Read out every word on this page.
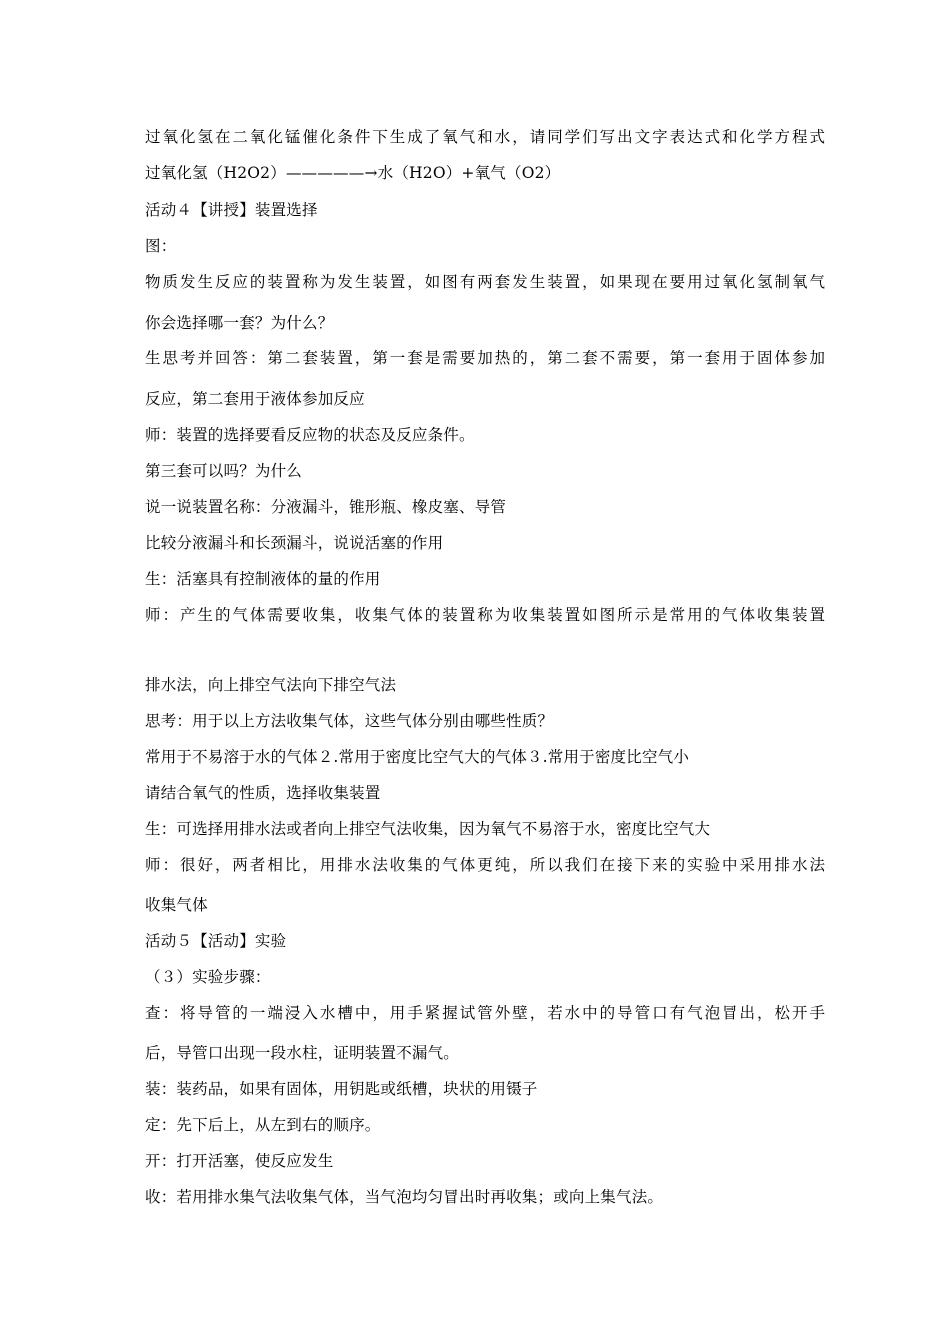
过氧化氢在二氧化锰催化条件下生成了氧气和水，请同学们写出文字表达式和化学方程式
过氧化氢（H2O2）—————→水（H2O）+氧气（O2）
活动４【讲授】装置选择
图：
物质发生反应的装置称为发生装置，如图有两套发生装置，如果现在要用过氧化氢制氧气
你会选择哪一套？为什么？
生思考并回答：第二套装置，第一套是需要加热的，第二套不需要，第一套用于固体参加
反应，第二套用于液体参加反应
师：装置的选择要看反应物的状态及反应条件。
第三套可以吗？为什么
说一说装置名称：分液漏斗，锥形瓶、橡皮塞、导管
比较分液漏斗和长颈漏斗，说说活塞的作用
生：活塞具有控制液体的量的作用
师：产生的气体需要收集，收集气体的装置称为收集装置如图所示是常用的气体收集装置
排水法，向上排空气法向下排空气法
思考：用于以上方法收集气体，这些气体分别由哪些性质？
常用于不易溶于水的气体２.常用于密度比空气大的气体３.常用于密度比空气小
请结合氧气的性质，选择收集装置
生：可选择用排水法或者向上排空气法收集，因为氧气不易溶于水，密度比空气大
师：很好，两者相比，用排水法收集的气体更纯，所以我们在接下来的实验中采用排水法
收集气体
活动５【活动】实验
（３）实验步骤：
查：将导管的一端浸入水槽中，用手紧握试管外壁，若水中的导管口有气泡冒出，松开手
后，导管口出现一段水柱，证明装置不漏气。
装：装药品，如果有固体，用钥匙或纸槽，块状的用镊子
定：先下后上，从左到右的顺序。
开：打开活塞，使反应发生
收：若用排水集气法收集气体，当气泡均匀冒出时再收集；或向上集气法。
